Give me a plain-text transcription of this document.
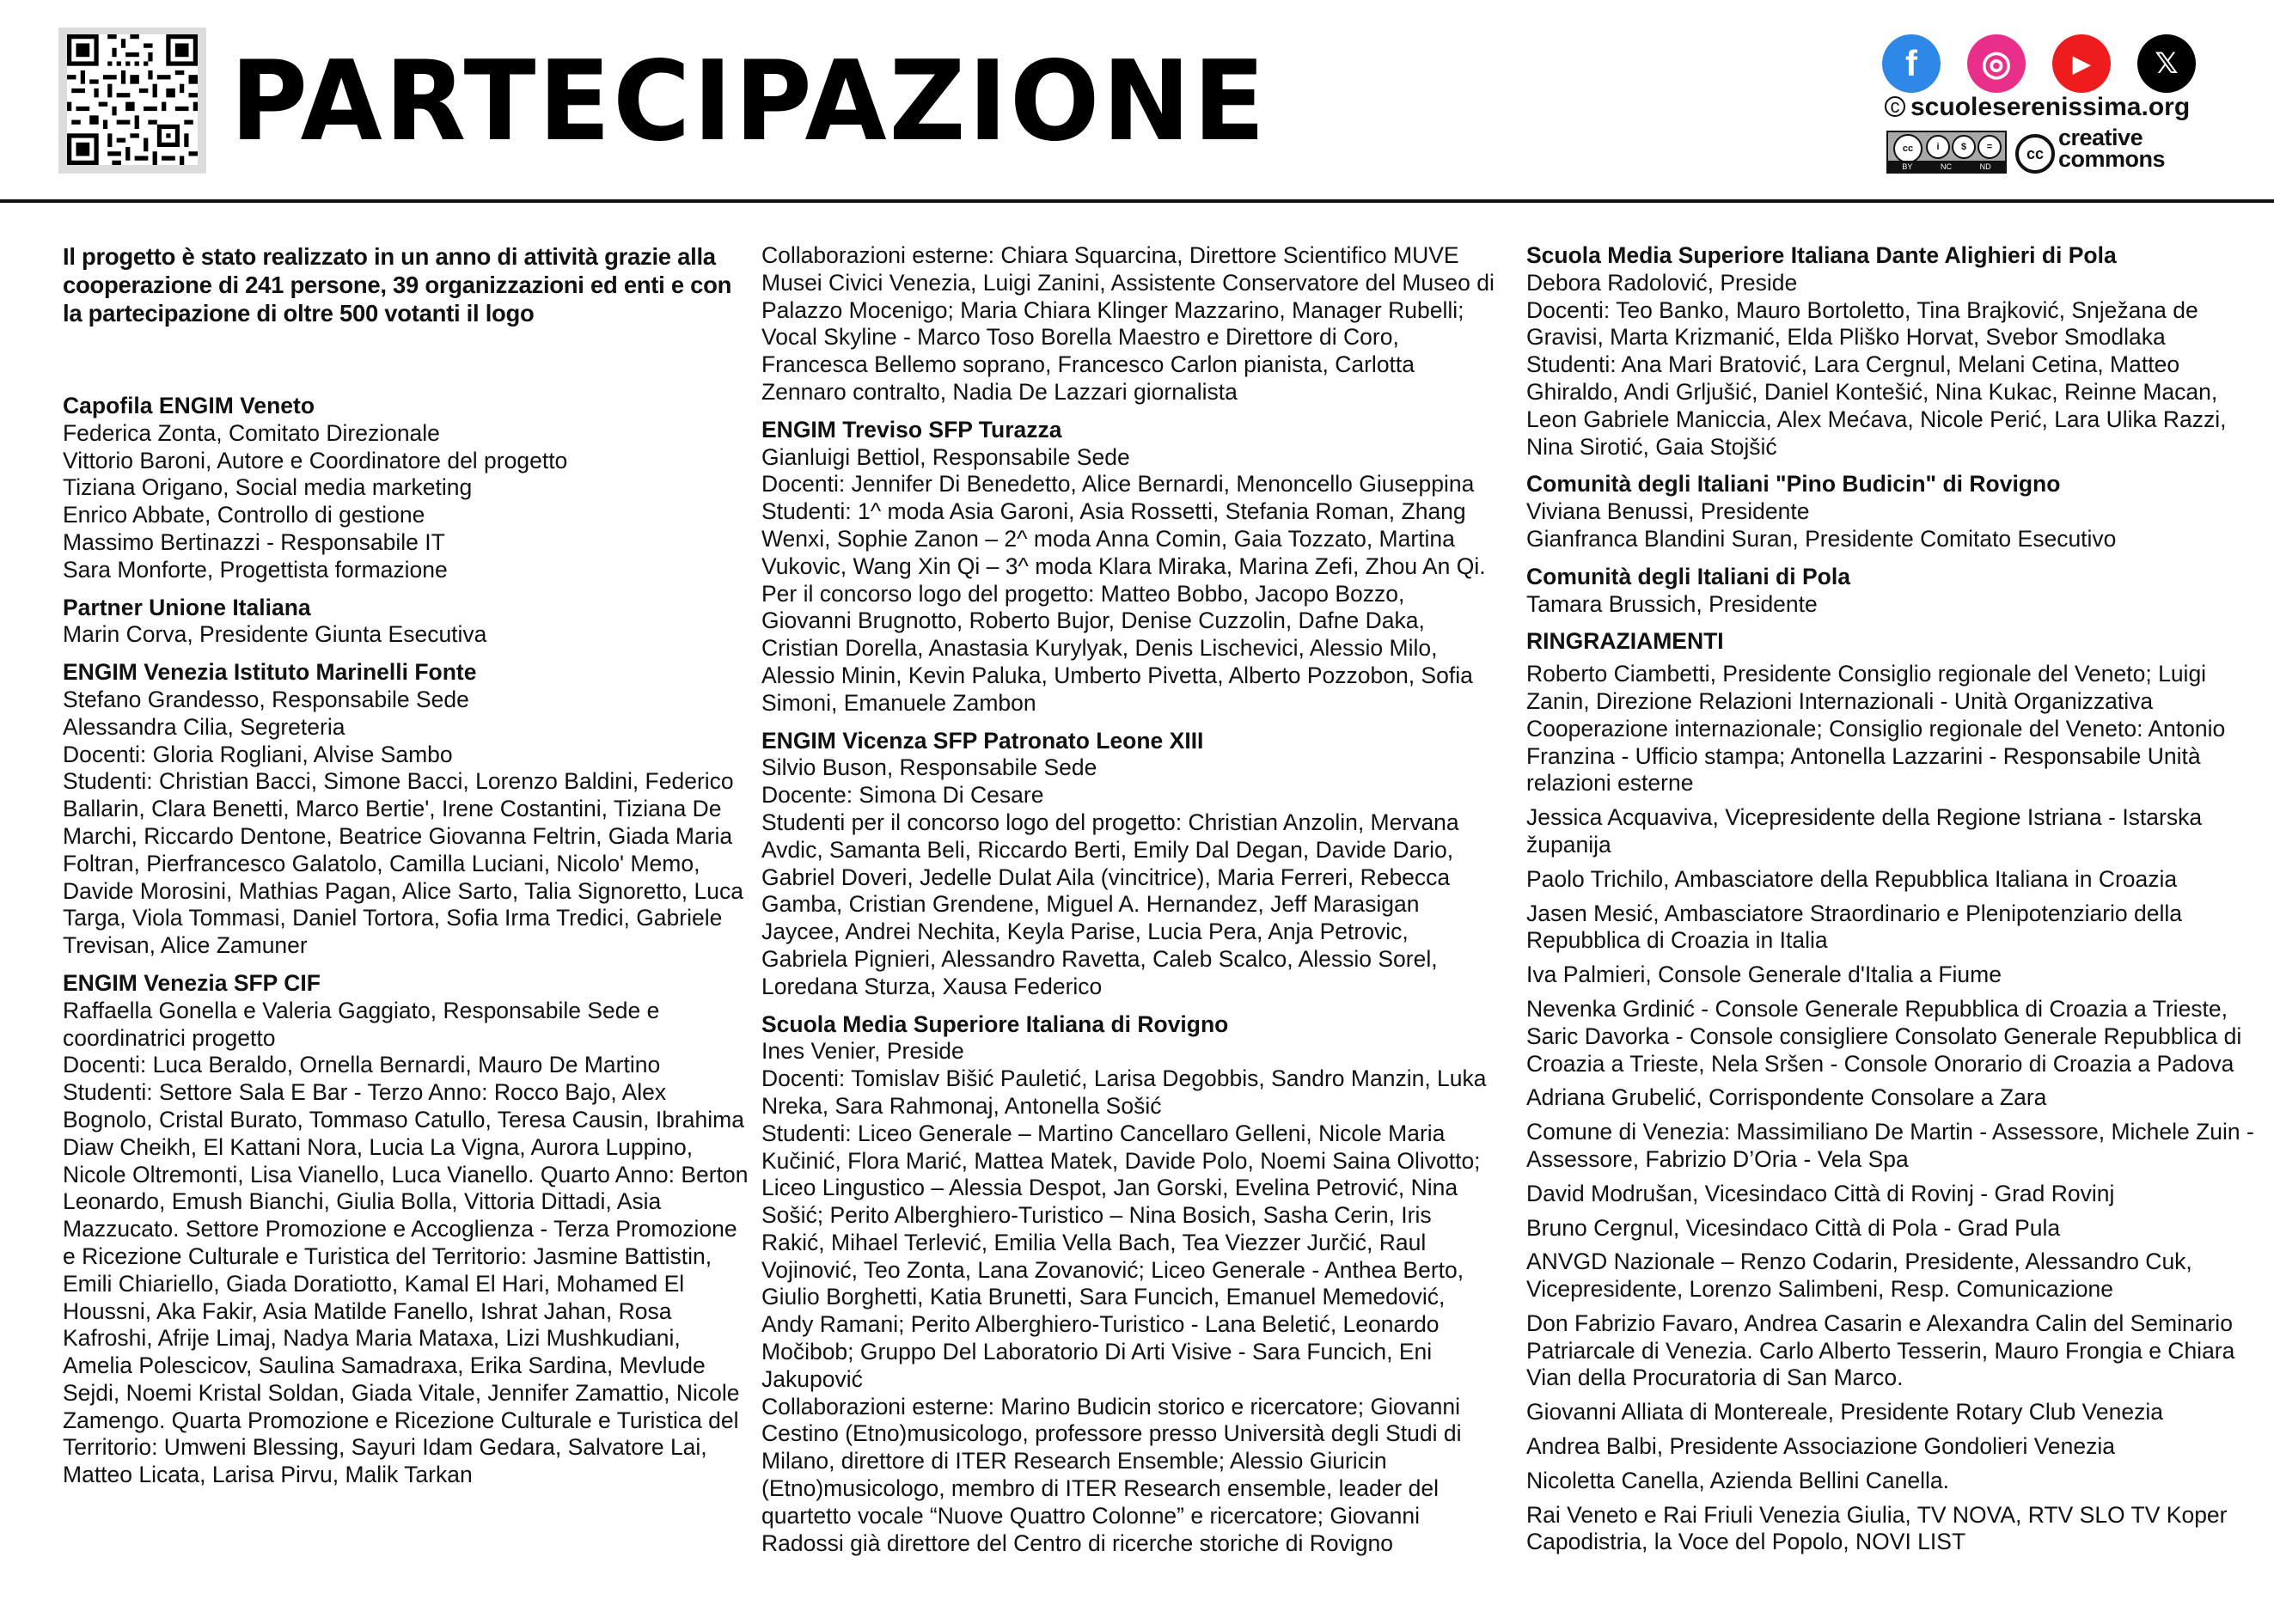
PARTECIPAZIONE	f ◎	▶ 𝕏
c scuoleserenissima.org
cc	i	$	=
BY	NC	ND
cc
creative
commons
Il progetto è stato realizzato in un anno di attività grazie alla cooperazione di 241 persone, 39 organizzazioni ed enti e con la partecipazione di oltre 500 votanti il logo
Capofila ENGIM Veneto

Federica Zonta, Comitato Direzionale

Vittorio Baroni, Autore e Coordinatore del progetto

Tiziana Origano, Social media marketing

Enrico Abbate, Controllo di gestione

Massimo Bertinazzi - Responsabile IT

Sara Monforte, Progettista formazione

Partner Unione Italiana

Marin Corva, Presidente Giunta Esecutiva

ENGIM Venezia Istituto Marinelli Fonte

Stefano Grandesso, Responsabile Sede

Alessandra Cilia, Segreteria

Docenti: Gloria Rogliani, Alvise Sambo

Studenti: Christian Bacci, Simone Bacci, Lorenzo Baldini, Federico Ballarin, Clara Benetti, Marco Bertie', Irene Costantini, Tiziana De Marchi, Riccardo Dentone, Beatrice Giovanna Feltrin, Giada Maria Foltran, Pierfrancesco Galatolo, Camilla Luciani, Nicolo' Memo, Davide Morosini, Mathias Pagan, Alice Sarto, Talia Signoretto, Luca Targa, Viola Tommasi, Daniel Tortora, Sofia Irma Tredici, Gabriele Trevisan, Alice Zamuner

ENGIM Venezia SFP CIF

Raffaella Gonella e Valeria Gaggiato, Responsabile Sede e coordinatrici progetto

Docenti: Luca Beraldo, Ornella Bernardi, Mauro De Martino

Studenti: Settore Sala E Bar - Terzo Anno: Rocco Bajo, Alex Bognolo, Cristal Burato, Tommaso Catullo, Teresa Causin, Ibrahima Diaw Cheikh, El Kattani Nora, Lucia La Vigna, Aurora Luppino, Nicole Oltremonti, Lisa Vianello, Luca Vianello. Quarto Anno: Berton Leonardo, Emush Bianchi, Giulia Bolla, Vittoria Dittadi, Asia Mazzucato. Settore Promozione e Accoglienza - Terza Promozione e Ricezione Culturale e Turistica del Territorio: Jasmine Battistin, Emili Chiariello, Giada Doratiotto, Kamal El Hari, Mohamed El Houssni, Aka Fakir, Asia Matilde Fanello, Ishrat Jahan, Rosa Kafroshi, Afrije Limaj, Nadya Maria Mataxa, Lizi Mushkudiani, Amelia Polescicov, Saulina Samadraxa, Erika Sardina, Mevlude Sejdi, Noemi Kristal Soldan, Giada Vitale, Jennifer Zamattio, Nicole Zamengo. Quarta Promozione e Ricezione Culturale e Turistica del Territorio: Umweni Blessing, Sayuri Idam Gedara, Salvatore Lai, Matteo Licata, Larisa Pirvu, Malik Tarkan

Collaborazioni esterne: Chiara Squarcina, Direttore Scientifico MUVE Musei Civici Venezia, Luigi Zanini, Assistente Conservatore del Museo di Palazzo Mocenigo; Maria Chiara Klinger Mazzarino, Manager Rubelli; Vocal Skyline - Marco Toso Borella Maestro e Direttore di Coro, Francesca Bellemo soprano, Francesco Carlon pianista, Carlotta Zennaro contralto, Nadia De Lazzari giornalista

ENGIM Treviso SFP Turazza

Gianluigi Bettiol, Responsabile Sede

Docenti: Jennifer Di Benedetto, Alice Bernardi, Menoncello Giuseppina

Studenti: 1^ moda Asia Garoni, Asia Rossetti, Stefania Roman, Zhang Wenxi, Sophie Zanon – 2^ moda Anna Comin, Gaia Tozzato, Martina Vukovic, Wang Xin Qi – 3^ moda Klara Miraka, Marina Zefi, Zhou An Qi. Per il concorso logo del progetto: Matteo Bobbo, Jacopo Bozzo, Giovanni Brugnotto, Roberto Bujor, Denise Cuzzolin, Dafne Daka, Cristian Dorella, Anastasia Kurylyak, Denis Lischevici, Alessio Milo, Alessio Minin, Kevin Paluka, Umberto Pivetta, Alberto Pozzobon, Sofia Simoni, Emanuele Zambon

ENGIM Vicenza SFP Patronato Leone XIII

Silvio Buson, Responsabile Sede

Docente: Simona Di Cesare

Studenti per il concorso logo del progetto: Christian Anzolin, Mervana Avdic, Samanta Beli, Riccardo Berti, Emily Dal Degan, Davide Dario, Gabriel Doveri, Jedelle Dulat Aila (vincitrice), Maria Ferreri, Rebecca Gamba, Cristian Grendene, Miguel A. Hernandez, Jeff Marasigan Jaycee, Andrei Nechita, Keyla Parise, Lucia Pera, Anja Petrovic, Gabriela Pignieri, Alessandro Ravetta, Caleb Scalco, Alessio Sorel, Loredana Sturza, Xausa Federico

Scuola Media Superiore Italiana di Rovigno

Ines Venier, Preside

Docenti: Tomislav Bišić Pauletić, Larisa Degobbis, Sandro Manzin, Luka Nreka, Sara Rahmonaj, Antonella Sošić

Studenti: Liceo Generale – Martino Cancellaro Gelleni, Nicole Maria Kučinić, Flora Marić, Mattea Matek, Davide Polo, Noemi Saina Olivotto; Liceo Lingustico – Alessia Despot, Jan Gorski, Evelina Petrović, Nina Sošić; Perito Alberghiero-Turistico – Nina Bosich, Sasha Cerin, Iris Rakić, Mihael Terlević, Emilia Vella Bach, Tea Viezzer Jurčić, Raul Vojinović, Teo Zonta, Lana Zovanović; Liceo Generale - Anthea Berto, Giulio Borghetti, Katia Brunetti, Sara Funcich, Emanuel Memedović, Andy Ramani; Perito Alberghiero-Turistico - Lana Beletić, Leonardo Močibob; Gruppo Del Laboratorio Di Arti Visive - Sara Funcich, Eni Jakupović

Collaborazioni esterne: Marino Budicin storico e ricercatore; Giovanni Cestino (Etno)musicologo, professore presso Università degli Studi di Milano, direttore di ITER Research Ensemble; Alessio Giuricin (Etno)musicologo, membro di ITER Research ensemble, leader del quartetto vocale “Nuove Quattro Colonne” e ricercatore; Giovanni Radossi già direttore del Centro di ricerche storiche di Rovigno

Scuola Media Superiore Italiana Dante Alighieri di Pola

Debora Radolović, Preside

Docenti: Teo Banko, Mauro Bortoletto, Tina Brajković, Snježana de Gravisi, Marta Krizmanić, Elda Pliško Horvat, Svebor Smodlaka

Studenti: Ana Mari Bratović, Lara Cergnul, Melani Cetina, Matteo Ghiraldo, Andi Grljušić, Daniel Kontešić, Nina Kukac, Reinne Macan, Leon Gabriele Maniccia, Alex Mećava, Nicole Perić, Lara Ulika Razzi, Nina Sirotić, Gaia Stojšić

Comunità degli Italiani "Pino Budicin" di Rovigno

Viviana Benussi, Presidente

Gianfranca Blandini Suran, Presidente Comitato Esecutivo

Comunità degli Italiani di Pola

Tamara Brussich, Presidente

RINGRAZIAMENTI

Roberto Ciambetti, Presidente Consiglio regionale del Veneto; Luigi Zanin, Direzione Relazioni Internazionali - Unità Organizzativa Cooperazione internazionale; Consiglio regionale del Veneto: Antonio Franzina - Ufficio stampa; Antonella Lazzarini - Responsabile Unità relazioni esterne

Jessica Acquaviva, Vicepresidente della Regione Istriana - Istarska županija

Paolo Trichilo, Ambasciatore della Repubblica Italiana in Croazia

Jasen Mesić, Ambasciatore Straordinario e Plenipotenziario della Repubblica di Croazia in Italia

Iva Palmieri, Console Generale d'Italia a Fiume

Nevenka Grdinić - Console Generale Repubblica di Croazia a Trieste, Saric Davorka - Console consigliere Consolato Generale Repubblica di Croazia a Trieste, Nela Sršen - Console Onorario di Croazia a Padova

Adriana Grubelić, Corrispondente Consolare a Zara

Comune di Venezia: Massimiliano De Martin - Assessore, Michele Zuin - Assessore, Fabrizio D’Oria - Vela Spa

David Modrušan, Vicesindaco Città di Rovinj - Grad Rovinj

Bruno Cergnul, Vicesindaco Città di Pola - Grad Pula

ANVGD Nazionale – Renzo Codarin, Presidente, Alessandro Cuk, Vicepresidente, Lorenzo Salimbeni, Resp. Comunicazione

Don Fabrizio Favaro, Andrea Casarin e Alexandra Calin del Seminario Patriarcale di Venezia. Carlo Alberto Tesserin, Mauro Frongia e Chiara Vian della Procuratoria di San Marco.

Giovanni Alliata di Montereale, Presidente Rotary Club Venezia

Andrea Balbi, Presidente Associazione Gondolieri Venezia

Nicoletta Canella, Azienda Bellini Canella.

Rai Veneto e Rai Friuli Venezia Giulia, TV NOVA, RTV SLO TV Koper Capodistria, la Voce del Popolo, NOVI LIST
